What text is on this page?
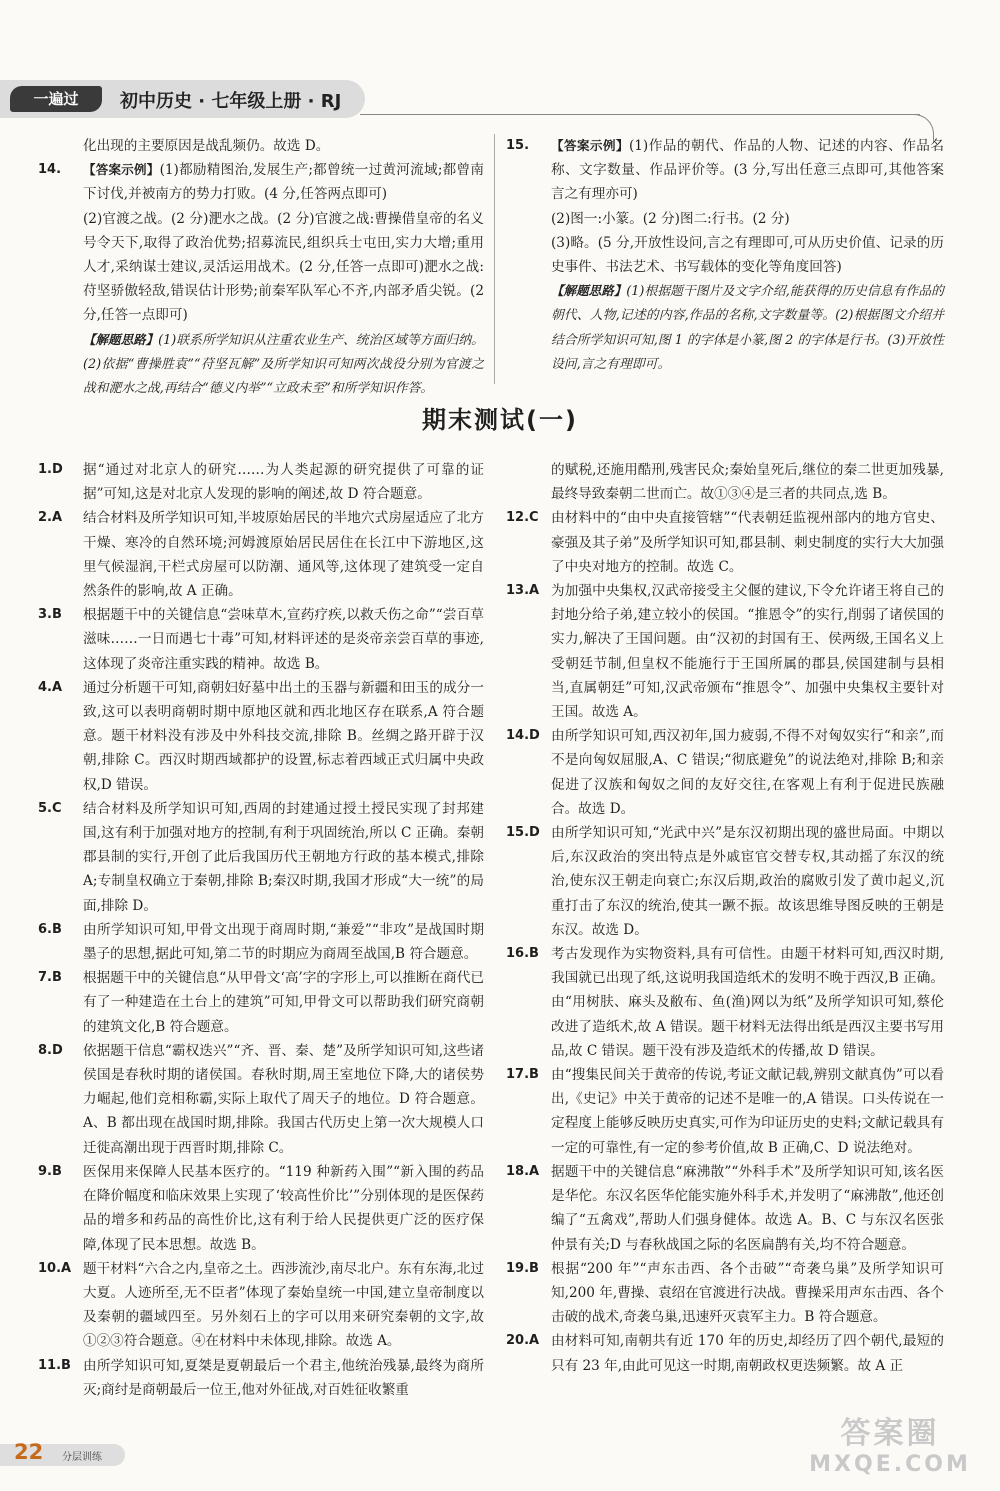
一遍过	初中历史 · 七年级上册 · RJ
化出现的主要原因是战乱频仍。故选 D。
14.	【答案示例】(1)都励精图治,发展生产;都曾统一过黄河流域;都曾南下讨伐,并被南方的势力打败。(4 分,任答两点即可)
(2)官渡之战。(2 分)淝水之战。(2 分)官渡之战:曹操借皇帝的名义号令天下,取得了政治优势;招募流民,组织兵士屯田,实力大增;重用人才,采纳谋士建议,灵活运用战术。(2 分,任答一点即可)淝水之战:苻坚骄傲轻敌,错误估计形势;前秦军队军心不齐,内部矛盾尖锐。(2 分,任答一点即可)
【解题思路】(1)联系所学知识从注重农业生产、统治区域等方面归纳。(2)依据“曹操胜袁”“苻坚瓦解”及所学知识可知两次战役分别为官渡之战和淝水之战,再结合“德义内举”“立政未至”和所学知识作答。
15.	【答案示例】(1)作品的朝代、作品的人物、记述的内容、作品名称、文字数量、作品评价等。(3 分,写出任意三点即可,其他答案言之有理亦可)
(2)图一:小篆。(2 分)图二:行书。(2 分)
(3)略。(5 分,开放性设问,言之有理即可,可从历史价值、记录的历史事件、书法艺术、书写载体的变化等角度回答)
【解题思路】(1)根据题干图片及文字介绍,能获得的历史信息有作品的朝代、人物,记述的内容,作品的名称,文字数量等。(2)根据图文介绍并结合所学知识可知,图 1 的字体是小篆,图 2 的字体是行书。(3)开放性设问,言之有理即可。
期末测试(一)
1.D	据“通过对北京人的研究……为人类起源的研究提供了可靠的证据”可知,这是对北京人发现的影响的阐述,故 D 符合题意。
2.A	结合材料及所学知识可知,半坡原始居民的半地穴式房屋适应了北方干燥、寒冷的自然环境;河姆渡原始居民居住在长江中下游地区,这里气候湿润,干栏式房屋可以防潮、通风等,这体现了建筑受一定自然条件的影响,故 A 正确。
3.B	根据题干中的关键信息“尝味草木,宣药疗疾,以救夭伤之命”“尝百草滋味……一日而遇七十毒”可知,材料评述的是炎帝亲尝百草的事迹,这体现了炎帝注重实践的精神。故选 B。
4.A	通过分析题干可知,商朝妇好墓中出土的玉器与新疆和田玉的成分一致,这可以表明商朝时期中原地区就和西北地区存在联系,A 符合题意。题干材料没有涉及中外科技交流,排除 B。丝绸之路开辟于汉朝,排除 C。西汉时期西域都护的设置,标志着西域正式归属中央政权,D 错误。
5.C	结合材料及所学知识可知,西周的封建通过授土授民实现了封邦建国,这有利于加强对地方的控制,有利于巩固统治,所以 C 正确。秦朝郡县制的实行,开创了此后我国历代王朝地方行政的基本模式,排除 A;专制皇权确立于秦朝,排除 B;秦汉时期,我国才形成“大一统”的局面,排除 D。
6.B	由所学知识可知,甲骨文出现于商周时期,“兼爱”“非攻”是战国时期墨子的思想,据此可知,第二节的时期应为商周至战国,B 符合题意。
7.B	根据题干中的关键信息“从甲骨文‘高’字的字形上,可以推断在商代已有了一种建造在土台上的建筑”可知,甲骨文可以帮助我们研究商朝的建筑文化,B 符合题意。
8.D	依据题干信息“霸权迭兴”“齐、晋、秦、楚”及所学知识可知,这些诸侯国是春秋时期的诸侯国。春秋时期,周王室地位下降,大的诸侯势力崛起,他们竞相称霸,实际上取代了周天子的地位。D 符合题意。A、B 都出现在战国时期,排除。我国古代历史上第一次大规模人口迁徙高潮出现于西晋时期,排除 C。
9.B	医保用来保障人民基本医疗的。“119 种新药入围”“新入围的药品在降价幅度和临床效果上实现了‘较高性价比’”分别体现的是医保药品的增多和药品的高性价比,这有利于给人民提供更广泛的医疗保障,体现了民本思想。故选 B。
10.A 题干材料“六合之内,皇帝之土。西涉流沙,南尽北户。东有东海,北过大夏。人迹所至,无不臣者”体现了秦始皇统一中国,建立皇帝制度以及秦朝的疆域四至。另外刻石上的字可以用来研究秦朝的文字,故①②③符合题意。④在材料中未体现,排除。故选 A。
11.B 由所学知识可知,夏桀是夏朝最后一个君主,他统治残暴,最终为商所灭;商纣是商朝最后一位王,他对外征战,对百姓征收繁重
的赋税,还施用酷刑,残害民众;秦始皇死后,继位的秦二世更加残暴,最终导致秦朝二世而亡。故①③④是三者的共同点,选 B。
12.C 由材料中的“由中央直接管辖”“代表朝廷监视州部内的地方官史、豪强及其子弟”及所学知识可知,郡县制、刺史制度的实行大大加强了中央对地方的控制。故选 C。
13.A 为加强中央集权,汉武帝接受主父偃的建议,下令允许诸王将自己的封地分给子弟,建立较小的侯国。“推恩令”的实行,削弱了诸侯国的实力,解决了王国问题。由“汉初的封国有王、侯两级,王国名义上受朝廷节制,但皇权不能施行于王国所属的郡县,侯国建制与县相当,直属朝廷”可知,汉武帝颁布“推恩令”、加强中央集权主要针对王国。故选 A。
14.D 由所学知识可知,西汉初年,国力疲弱,不得不对匈奴实行“和亲”,而不是向匈奴屈服,A、C 错误;“彻底避免”的说法绝对,排除 B;和亲促进了汉族和匈奴之间的友好交往,在客观上有利于促进民族融合。故选 D。
15.D 由所学知识可知,“光武中兴”是东汉初期出现的盛世局面。中期以后,东汉政治的突出特点是外戚宦官交替专权,其动摇了东汉的统治,使东汉王朝走向衰亡;东汉后期,政治的腐败引发了黄巾起义,沉重打击了东汉的统治,使其一蹶不振。故该思维导图反映的王朝是东汉。故选 D。
16.B 考古发现作为实物资料,具有可信性。由题干材料可知,西汉时期,我国就已出现了纸,这说明我国造纸术的发明不晚于西汉,B 正确。由“用树肤、麻头及敝布、鱼(渔)网以为纸”及所学知识可知,蔡伦改进了造纸术,故 A 错误。题干材料无法得出纸是西汉主要书写用品,故 C 错误。题干没有涉及造纸术的传播,故 D 错误。
17.B 由“搜集民间关于黄帝的传说,考证文献记载,辨别文献真伪”可以看出,《史记》中关于黄帝的记述不是唯一的,A 错误。口头传说在一定程度上能够反映历史真实,可作为印证历史的史料;文献记载具有一定的可靠性,有一定的参考价值,故 B 正确,C、D 说法绝对。
18.A 据题干中的关键信息“麻沸散”“外科手术”及所学知识可知,该名医是华佗。东汉名医华佗能实施外科手术,并发明了“麻沸散”,他还创编了“五禽戏”,帮助人们强身健体。故选 A。B、C 与东汉名医张仲景有关;D 与春秋战国之际的名医扁鹊有关,均不符合题意。
19.B 根据“200 年”“声东击西、各个击破”“奇袭乌巢”及所学知识可知,200 年,曹操、袁绍在官渡进行决战。曹操采用声东击西、各个击破的战术,奇袭乌巢,迅速歼灭袁军主力。B 符合题意。
20.A 由材料可知,南朝共有近 170 年的历史,却经历了四个朝代,最短的只有 23 年,由此可见这一时期,南朝政权更迭频繁。故 A 正
22 分层训练
答案圈
MXQE.COM
